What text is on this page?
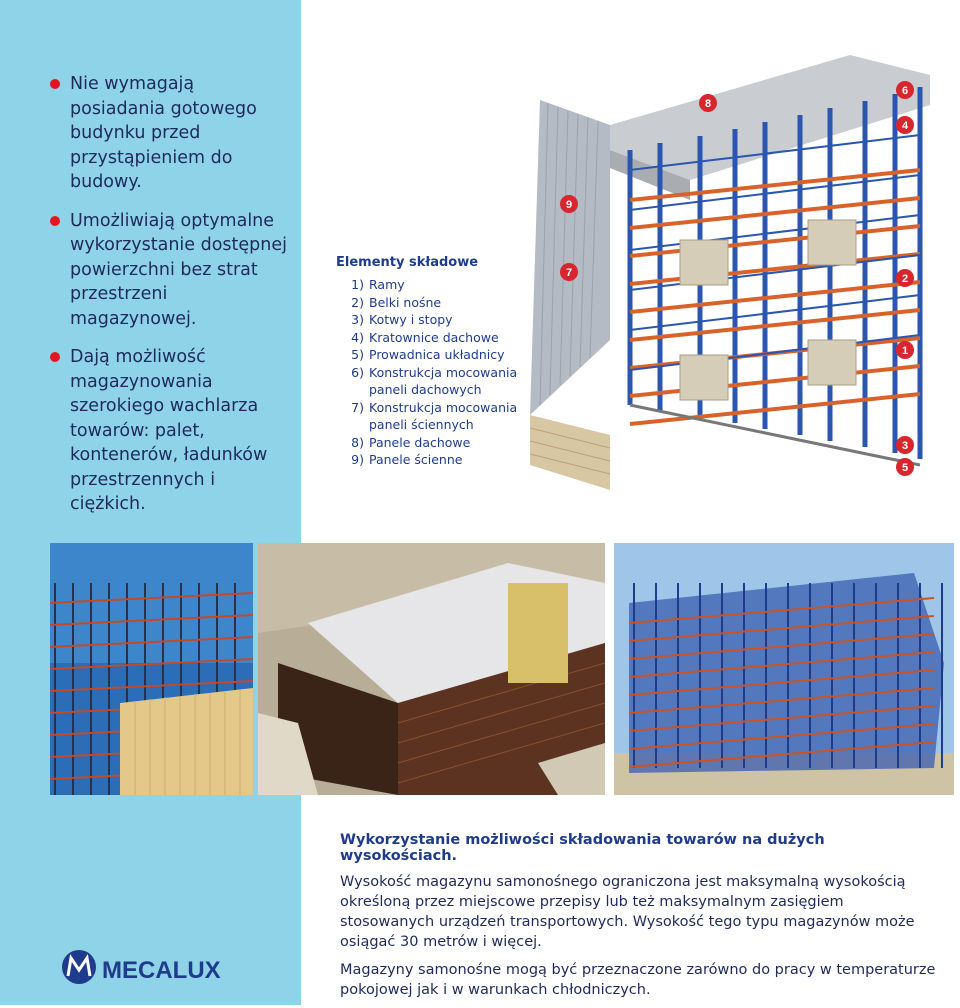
Nie wymagają posiadania gotowego budynku przed przystąpieniem do budowy.
Umożliwiają optymalne wykorzystanie dostępnej powierzchni bez strat przestrzeni magazynowej.
Dają możliwość magazynowania szerokiego wachlarza towarów: palet, kontenerów, ładunków przestrzennych i ciężkich.
MECALUX
Elementy składowe
1) Ramy
2) Belki nośne
3) Kotwy i stopy
4) Kratownice dachowe
5) Prowadnica układnicy
6) Konstrukcja mocowania paneli dachowych
7) Konstrukcja mocowania paneli ściennych
8) Panele dachowe
9) Panele ścienne
8
6
4
9
7	2
1
3
5
Wykorzystanie możliwości składowania towarów na dużych wysokościach.

Wysokość magazynu samonośnego ograniczona jest maksymalną wysokością określoną przez miejscowe przepisy lub też maksymalnym zasięgiem stosowanych urządzeń transportowych. Wysokość tego typu magazynów może osiągać 30 metrów i więcej.

Magazyny samonośne mogą być przeznaczone zarówno do pracy w temperaturze pokojowej jak i w warunkach chłodniczych.
